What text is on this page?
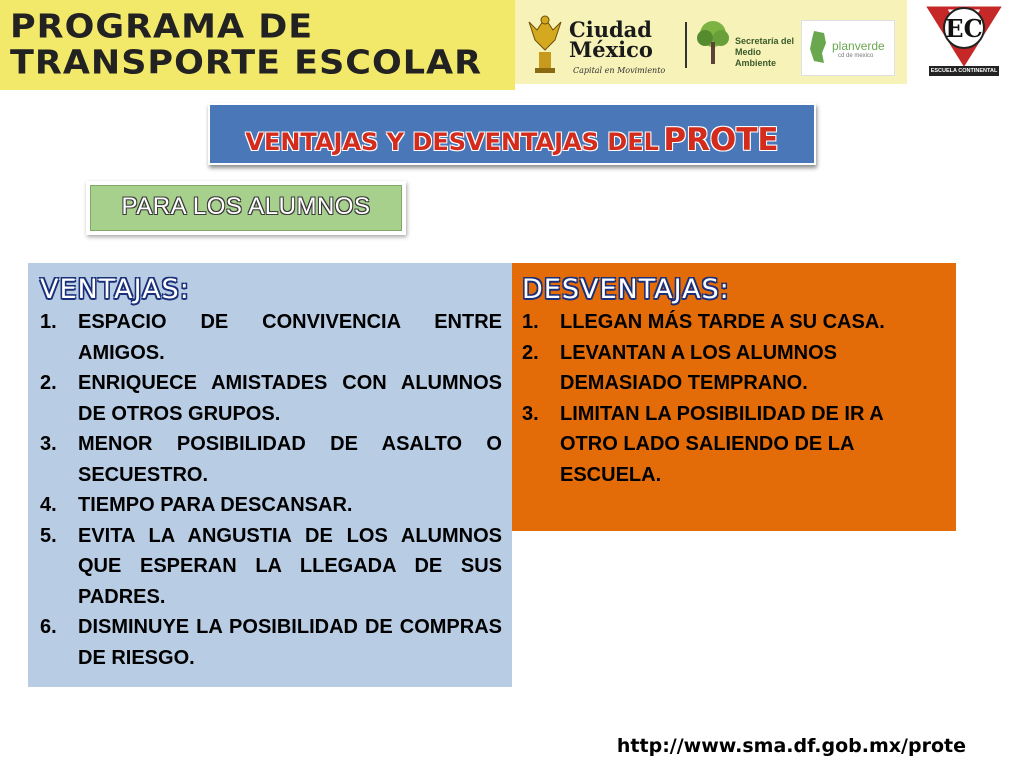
PROGRAMA DE
TRANSPORTE ESCOLAR
Ciudad
México
Capital en Movimiento
Secretaría del
Medio Ambiente
planverde
cd de mexico
EC
ESCUELA CONTINENTAL
VENTAJAS Y DESVENTAJAS DEL PROTE
PARA LOS ALUMNOS
VENTAJAS:
1. ESPACIO DE CONVIVENCIA ENTRE AMIGOS.
2. ENRIQUECE AMISTADES CON ALUMNOS DE OTROS GRUPOS.
3. MENOR POSIBILIDAD DE ASALTO O SECUESTRO.
4. TIEMPO PARA DESCANSAR.
5. EVITA LA ANGUSTIA DE LOS ALUMNOS QUE ESPERAN LA LLEGADA DE SUS PADRES.
6. DISMINUYE LA POSIBILIDAD DE COMPRAS DE RIESGO.
DESVENTAJAS:
1. LLEGAN MÁS TARDE A SU CASA.
2. LEVANTAN A LOS ALUMNOS DEMASIADO TEMPRANO.
3. LIMITAN LA POSIBILIDAD DE IR A OTRO LADO SALIENDO DE LA ESCUELA.
http://www.sma.df.gob.mx/prote
